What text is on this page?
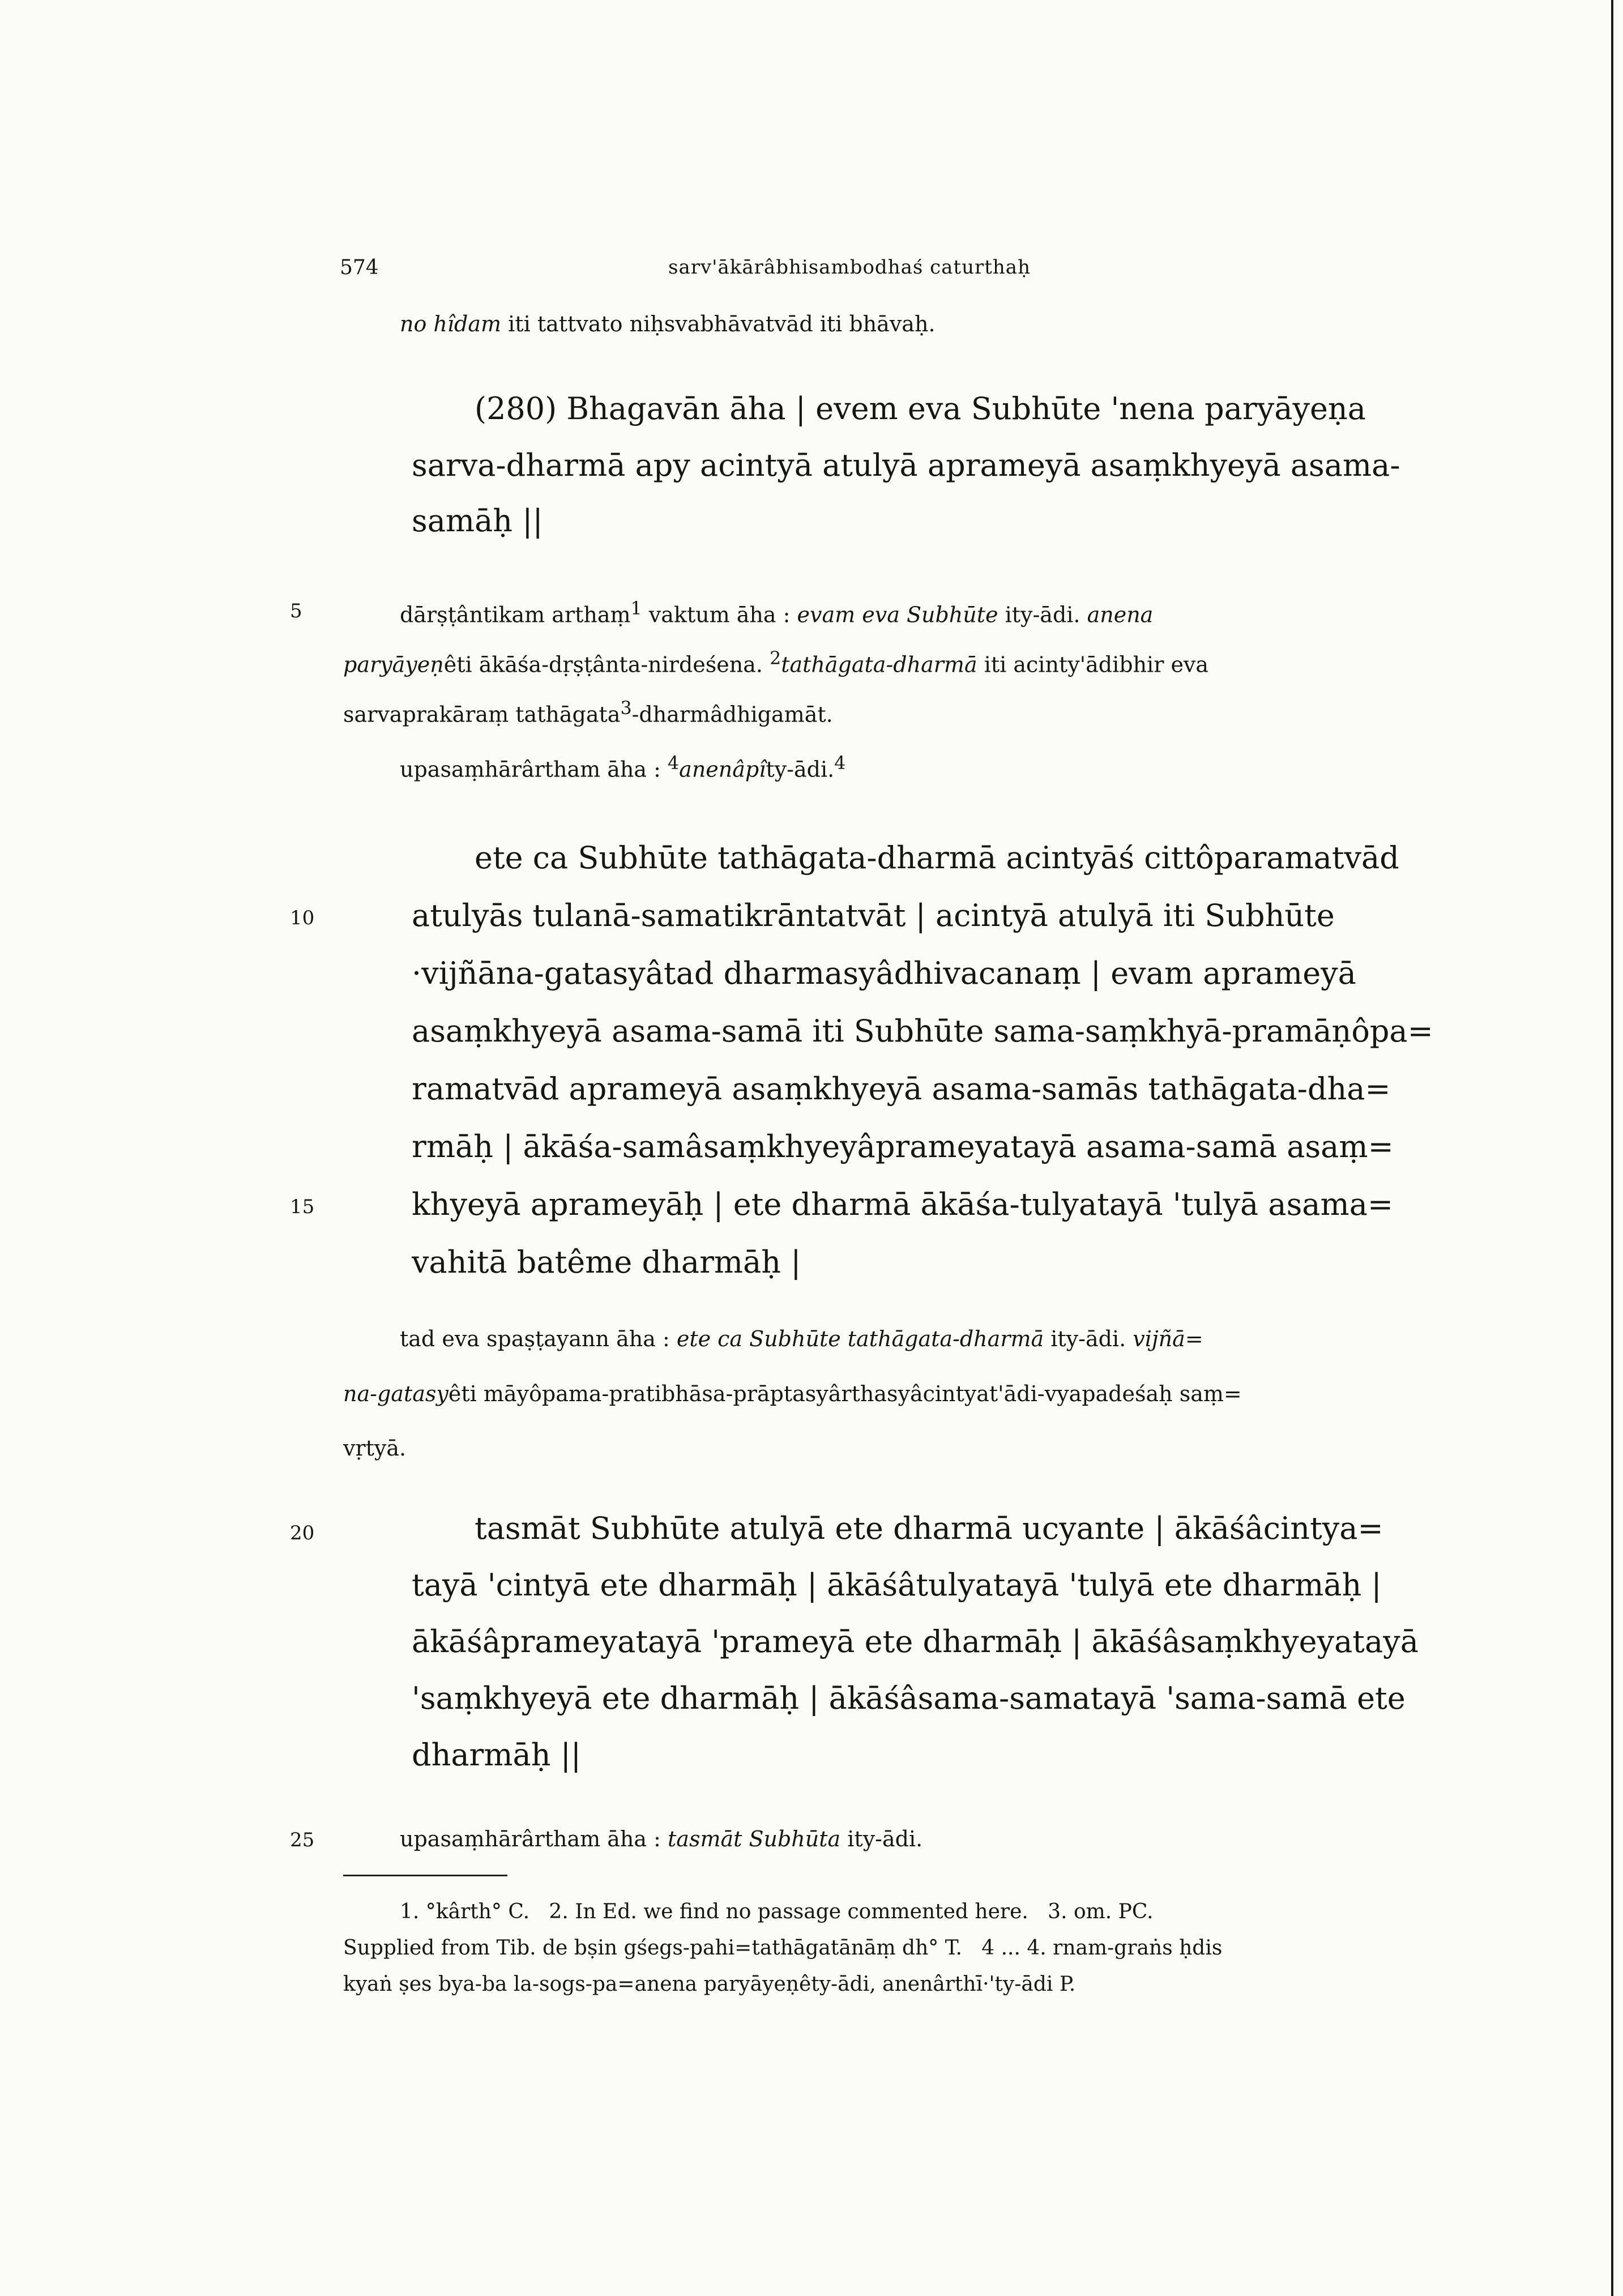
574	sarv'ākārâbhisambodhaś caturthaḥ
no hîdam iti tattvato niḥsvabhāvatvād iti bhāvaḥ.
(280) Bhagavān āha | evem eva Subhūte 'nena paryāyeṇa
sarva-dharmā apy acintyā atulyā aprameyā asaṃkhyeyā asama-
samāḥ ||
5	dārṣṭântikam arthaṃ$^1$ vaktum āha : evam eva Subhūte ity-ādi. anena
paryāyeṇêti ākāśa-dṛṣṭânta-nirdeśena. $^2$tathāgata-dharmā iti acinty'ādibhir eva
sarvaprakāraṃ tathāgata$^3$-dharmâdhigamāt.
upasaṃhārârtham āha : $^4$anenâpîty-ādi.$^4$
ete ca Subhūte tathāgata-dharmā acintyāś cittôparamatvād
10	atulyās tulanā-samatikrāntatvāt | acintyā atulyā iti Subhūte
·vijñāna-gatasyâtad dharmasyâdhivacanaṃ | evam aprameyā
asaṃkhyeyā asama-samā iti Subhūte sama-saṃkhyā-pramāṇôpa=
ramatvād aprameyā asaṃkhyeyā asama-samās tathāgata-dha=
rmāḥ | ākāśa-samâsaṃkhyeyâprameyatayā asama-samā asaṃ=
15	khyeyā aprameyāḥ | ete dharmā ākāśa-tulyatayā 'tulyā asama=
vahitā batême dharmāḥ |
tad eva spaṣṭayann āha : ete ca Subhūte tathāgata-dharmā ity-ādi. vijñā=
na-gatasyêti māyôpama-pratibhāsa-prāptasyârthasyâcintyat'ādi-vyapadeśaḥ saṃ=
vṛtyā.
20	tasmāt Subhūte atulyā ete dharmā ucyante | ākāśâcintya=
tayā 'cintyā ete dharmāḥ | ākāśâtulyatayā 'tulyā ete dharmāḥ |
ākāśâprameyatayā 'prameyā ete dharmāḥ | ākāśâsaṃkhyeyatayā
'saṃkhyeyā ete dharmāḥ | ākāśâsama-samatayā 'sama-samā ete
dharmāḥ ||
25	upasaṃhārârtham āha : tasmāt Subhūta ity-ādi.
1. °kârth° C.   2. In Ed. we find no passage commented here.   3. om. PC.
Supplied from Tib. de bṣin gśegs-pahi=tathāgatānāṃ dh° T.   4 ... 4. rnam-graṅs ḥdis
kyaṅ ṣes bya-ba la-sogs-pa=anena paryāyeṇêty-ādi, anenârthī·'ty-ādi P.
